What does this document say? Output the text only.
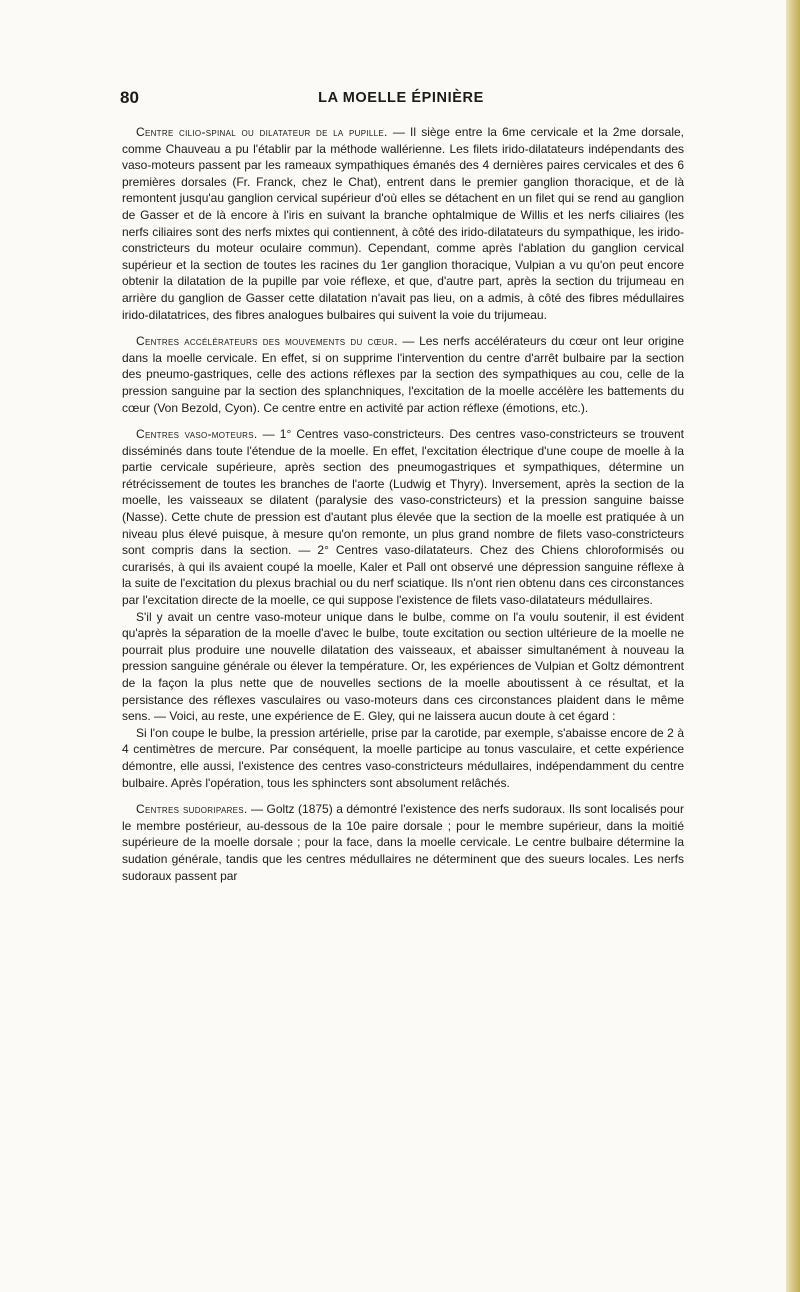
80	LA MOELLE ÉPINIÈRE

Centre cilio-spinal ou dilatateur de la pupille. — Il siège entre la 6me cervicale et la 2me dorsale, comme Chauveau a pu l'établir par la méthode wallérienne. Les filets irido-dilatateurs indépendants des vaso-moteurs passent par les rameaux sympathiques émanés des 4 dernières paires cervicales et des 6 premières dorsales (Fr. Franck, chez le Chat), entrent dans le premier ganglion thoracique, et de là remontent jusqu'au ganglion cervical supérieur d'où elles se détachent en un filet qui se rend au ganglion de Gasser et de là encore à l'iris en suivant la branche ophtalmique de Willis et les nerfs ciliaires (les nerfs ciliaires sont des nerfs mixtes qui contiennent, à côté des irido-dilatateurs du sympathique, les irido-constricteurs du moteur oculaire commun). Cependant, comme après l'ablation du ganglion cervical supérieur et la section de toutes les racines du 1er ganglion thoracique, Vulpian a vu qu'on peut encore obtenir la dilatation de la pupille par voie réflexe, et que, d'autre part, après la section du trijumeau en arrière du ganglion de Gasser cette dilatation n'avait pas lieu, on a admis, à côté des fibres médullaires irido-dilatatrices, des fibres analogues bulbaires qui suivent la voie du trijumeau.

Centres accélérateurs des mouvements du cœur. — Les nerfs accélérateurs du cœur ont leur origine dans la moelle cervicale. En effet, si on supprime l'intervention du centre d'arrêt bulbaire par la section des pneumo-gastriques, celle des actions réflexes par la section des sympathiques au cou, celle de la pression sanguine par la section des splanchniques, l'excitation de la moelle accélère les battements du cœur (Von Bezold, Cyon). Ce centre entre en activité par action réflexe (émotions, etc.).

Centres vaso-moteurs. — 1° Centres vaso-constricteurs. Des centres vaso-constricteurs se trouvent disséminés dans toute l'étendue de la moelle. En effet, l'excitation électrique d'une coupe de moelle à la partie cervicale supérieure, après section des pneumogastriques et sympathiques, détermine un rétrécissement de toutes les branches de l'aorte (Ludwig et Thyry). Inversement, après la section de la moelle, les vaisseaux se dilatent (paralysie des vaso-constricteurs) et la pression sanguine baisse (Nasse). Cette chute de pression est d'autant plus élevée que la section de la moelle est pratiquée à un niveau plus élevé puisque, à mesure qu'on remonte, un plus grand nombre de filets vaso-constricteurs sont compris dans la section. — 2° Centres vaso-dilatateurs. Chez des Chiens chloroformisés ou curarisés, à qui ils avaient coupé la moelle, Kaler et Pall ont observé une dépression sanguine réflexe à la suite de l'excitation du plexus brachial ou du nerf sciatique. Ils n'ont rien obtenu dans ces circonstances par l'excitation directe de la moelle, ce qui suppose l'existence de filets vaso-dilatateurs médullaires.

S'il y avait un centre vaso-moteur unique dans le bulbe, comme on l'a voulu soutenir, il est évident qu'après la séparation de la moelle d'avec le bulbe, toute excitation ou section ultérieure de la moelle ne pourrait plus produire une nouvelle dilatation des vaisseaux, et abaisser simultanément à nouveau la pression sanguine générale ou élever la température. Or, les expériences de Vulpian et Goltz démontrent de la façon la plus nette que de nouvelles sections de la moelle aboutissent à ce résultat, et la persistance des réflexes vasculaires ou vaso-moteurs dans ces circonstances plaident dans le même sens. — Voici, au reste, une expérience de E. Gley, qui ne laissera aucun doute à cet égard :

Si l'on coupe le bulbe, la pression artérielle, prise par la carotide, par exemple, s'abaisse encore de 2 à 4 centimètres de mercure. Par conséquent, la moelle participe au tonus vasculaire, et cette expérience démontre, elle aussi, l'existence des centres vaso-constricteurs médullaires, indépendamment du centre bulbaire. Après l'opération, tous les sphincters sont absolument relâchés.

Centres sudoripares. — Goltz (1875) a démontré l'existence des nerfs sudoraux. Ils sont localisés pour le membre postérieur, au-dessous de la 10e paire dorsale ; pour le membre supérieur, dans la moitié supérieure de la moelle dorsale ; pour la face, dans la moelle cervicale. Le centre bulbaire détermine la sudation générale, tandis que les centres médullaires ne déterminent que des sueurs locales. Les nerfs sudoraux passent par
